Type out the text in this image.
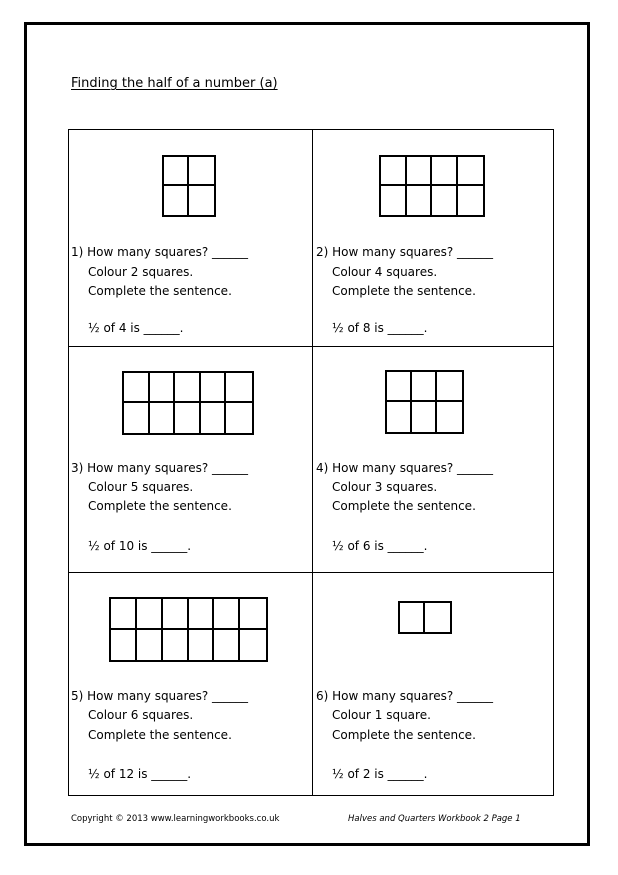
Finding the half of a number (a)
1) How many squares? ______
Colour 2 squares.
Complete the sentence.
½ of 4 is ______.
2) How many squares? ______
Colour 4 squares.
Complete the sentence.
½ of 8 is ______.
3) How many squares? ______
Colour 5 squares.
Complete the sentence.
½ of 10 is ______.
4) How many squares? ______
Colour 3 squares.
Complete the sentence.
½ of 6 is ______.
5) How many squares? ______
Colour 6 squares.
Complete the sentence.
½ of 12 is ______.
6) How many squares? ______
Colour 1 square.
Complete the sentence.
½ of 2 is ______.
Copyright © 2013 www.learningworkbooks.co.uk	Halves and Quarters Workbook 2 Page 1
